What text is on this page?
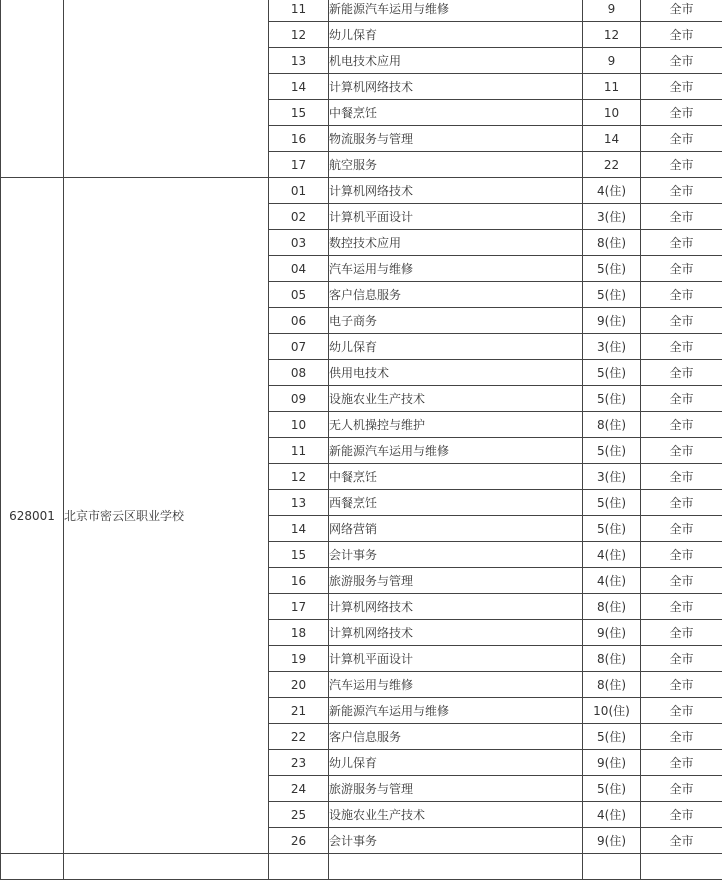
		11	新能源汽车运用与维修	9	全市
		12	幼儿保育	12	全市
		13	机电技术应用	9	全市
		14	计算机网络技术	11	全市
		15	中餐烹饪	10	全市
		16	物流服务与管理	14	全市
		17	航空服务	22	全市
628001	北京市密云区职业学校	01	计算机网络技术	4(住)	全市
		02	计算机平面设计	3(住)	全市
		03	数控技术应用	8(住)	全市
		04	汽车运用与维修	5(住)	全市
		05	客户信息服务	5(住)	全市
		06	电子商务	9(住)	全市
		07	幼儿保育	3(住)	全市
		08	供用电技术	5(住)	全市
		09	设施农业生产技术	5(住)	全市
		10	无人机操控与维护	8(住)	全市
		11	新能源汽车运用与维修	5(住)	全市
		12	中餐烹饪	3(住)	全市
		13	西餐烹饪	5(住)	全市
		14	网络营销	5(住)	全市
		15	会计事务	4(住)	全市
		16	旅游服务与管理	4(住)	全市
		17	计算机网络技术	8(住)	全市
		18	计算机网络技术	9(住)	全市
		19	计算机平面设计	8(住)	全市
		20	汽车运用与维修	8(住)	全市
		21	新能源汽车运用与维修	10(住)	全市
		22	客户信息服务	5(住)	全市
		23	幼儿保育	9(住)	全市
		24	旅游服务与管理	5(住)	全市
		25	设施农业生产技术	4(住)	全市
		26	会计事务	9(住)	全市
